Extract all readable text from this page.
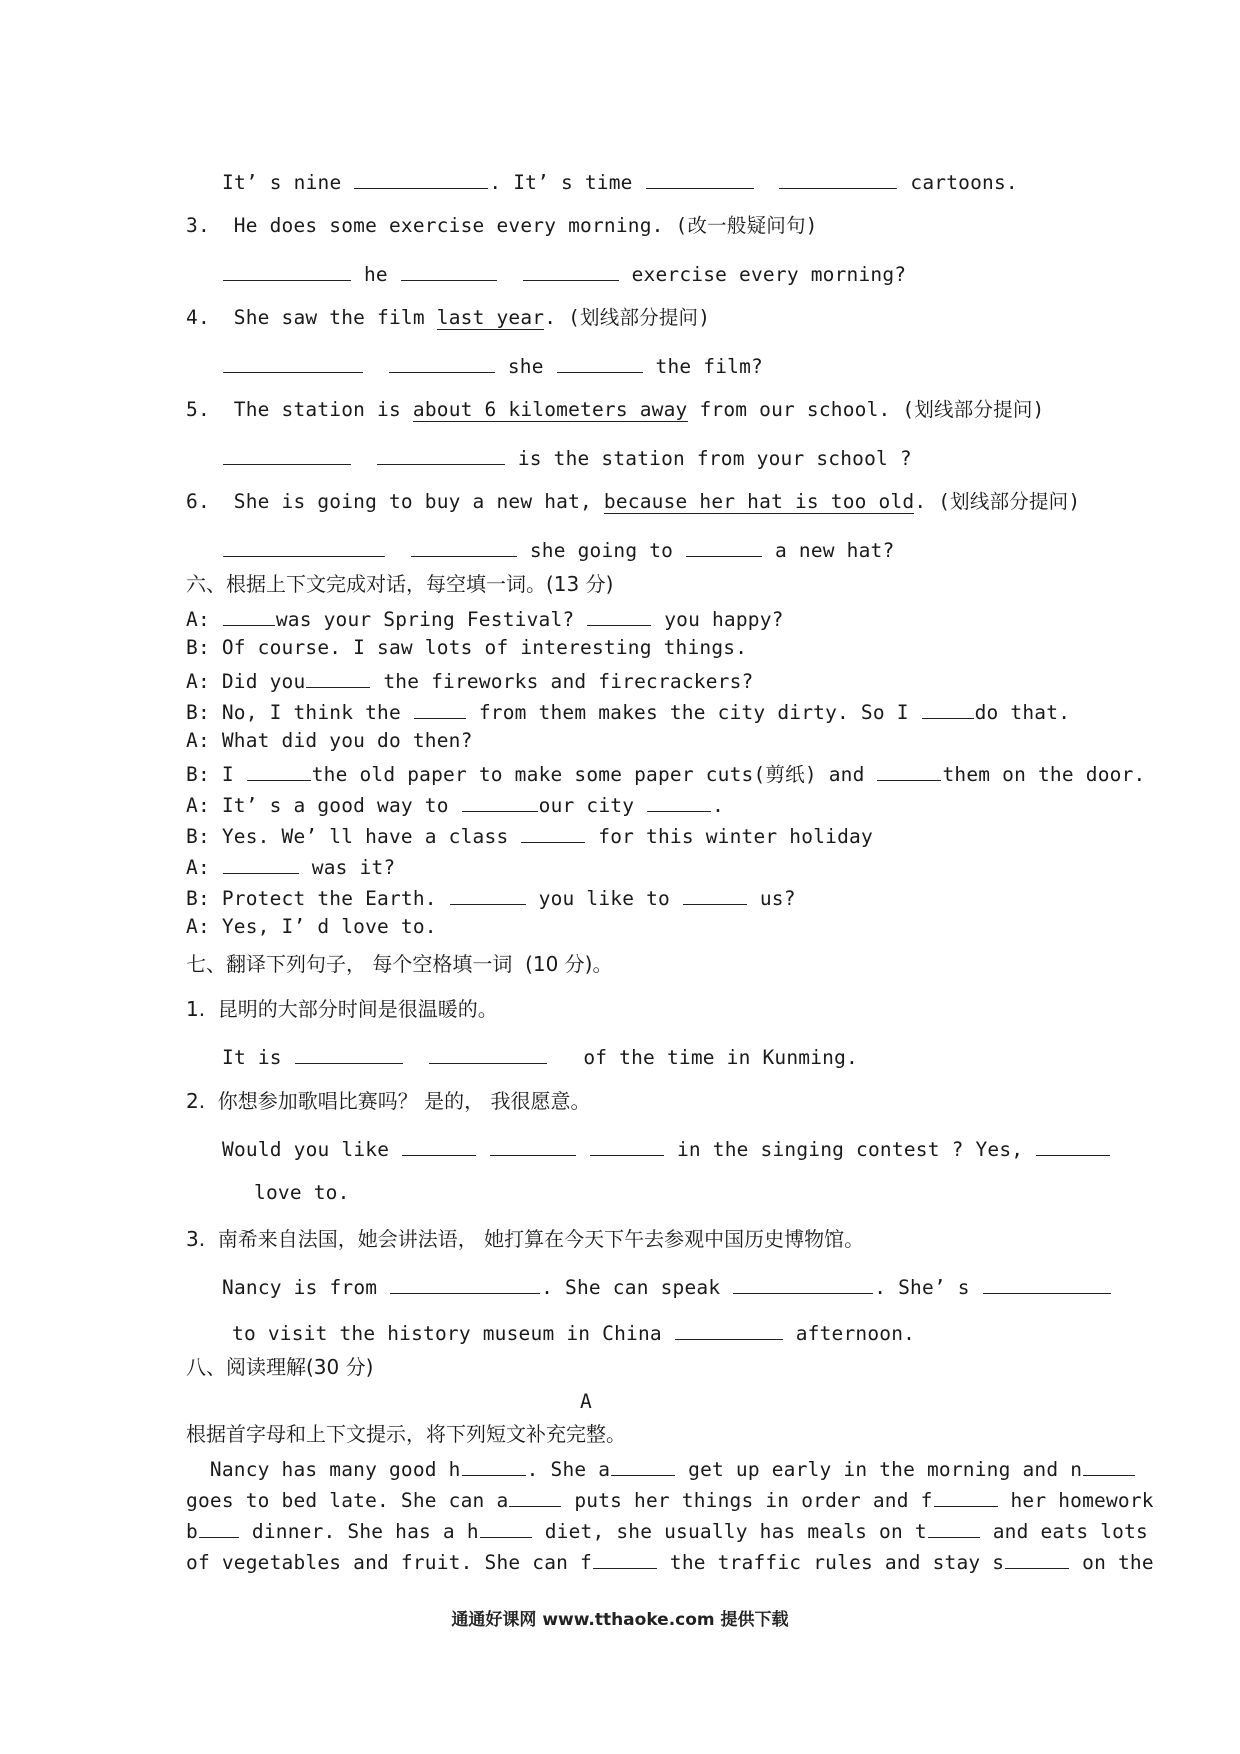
It’ s nine	. It’ s time	cartoons.
3.  He does some exercise every morning. (改一般疑问句)
he	exercise every morning?
4.  She saw the film last year. (划线部分提问)
she	the film?
5.  The station is about 6 kilometers away from our school. (划线部分提问)
is the station from your school ?
6.  She is going to buy a new hat, because her hat is too old. (划线部分提问)
she going to	a new hat?
六、根据上下文完成对话，每空填一词。(13 分)
A:	was your Spring Festival?	you happy?
B: Of course. I saw lots of interesting things.
A: Did you	the fireworks and firecrackers?
B: No, I think the	from them makes the city dirty. So I	do that.
A: What did you do then?
B: I	the old paper to make some paper cuts(剪纸) and	them on the door.
A: It’ s a good way to	our city	.
B: Yes. We’ ll have a class	for this winter holiday
A:	was it?
B: Protect the Earth.	you like to	us?
A: Yes, I’ d love to.
七、翻译下列句子， 每个空格填一词  (10 分)。
1.  昆明的大部分时间是很温暖的。
It is	of the time in Kunming.
2.  你想参加歌唱比赛吗？ 是的， 我很愿意。
Would you like	in the singing contest ? Yes,
love to.
3.  南希来自法国，她会讲法语， 她打算在今天下午去参观中国历史博物馆。
Nancy is from	. She can speak	. She’ s
to visit the history museum in China	afternoon.
八、阅读理解(30 分)
A
根据首字母和上下文提示，将下列短文补充完整。
Nancy has many good h	. She a	get up early in the morning and n
goes to bed late. She can a	puts her things in order and f	her homework
b dinner. She has a h	diet, she usually has meals on t	and eats lots
of vegetables and fruit. She can f	the traffic rules and stay s	on the
通通好课网 www.tthaoke.com 提供下载
